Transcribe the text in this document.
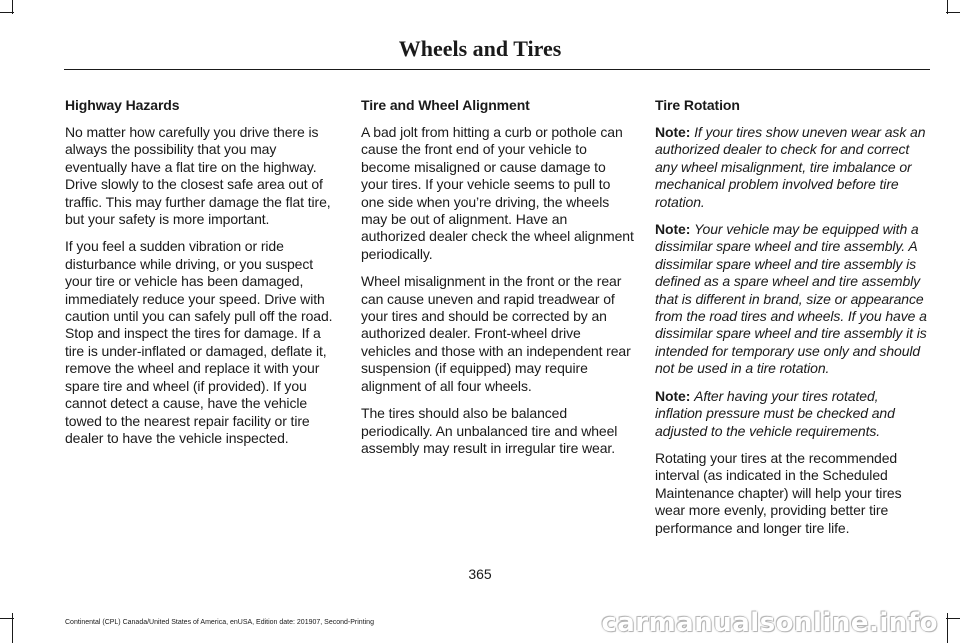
Wheels and Tires
Highway Hazards

No matter how carefully you drive there is always the possibility that you may eventually have a flat tire on the highway. Drive slowly to the closest safe area out of traffic. This may further damage the flat tire, but your safety is more important.

If you feel a sudden vibration or ride disturbance while driving, or you suspect your tire or vehicle has been damaged, immediately reduce your speed. Drive with caution until you can safely pull off the road. Stop and inspect the tires for damage. If a tire is under-inflated or damaged, deflate it, remove the wheel and replace it with your spare tire and wheel (if provided). If you cannot detect a cause, have the vehicle towed to the nearest repair facility or tire dealer to have the vehicle inspected.

Tire and Wheel Alignment

A bad jolt from hitting a curb or pothole can cause the front end of your vehicle to become misaligned or cause damage to your tires. If your vehicle seems to pull to one side when you’re driving, the wheels may be out of alignment. Have an authorized dealer check the wheel alignment periodically.

Wheel misalignment in the front or the rear can cause uneven and rapid treadwear of your tires and should be corrected by an authorized dealer. Front-wheel drive vehicles and those with an independent rear suspension (if equipped) may require alignment of all four wheels.

The tires should also be balanced periodically. An unbalanced tire and wheel assembly may result in irregular tire wear.

Tire Rotation

Note: If your tires show uneven wear ask an authorized dealer to check for and correct any wheel misalignment, tire imbalance or mechanical problem involved before tire rotation.

Note: Your vehicle may be equipped with a dissimilar spare wheel and tire assembly. A dissimilar spare wheel and tire assembly is defined as a spare wheel and tire assembly that is different in brand, size or appearance from the road tires and wheels. If you have a dissimilar spare wheel and tire assembly it is intended for temporary use only and should not be used in a tire rotation.

Note: After having your tires rotated, inflation pressure must be checked and adjusted to the vehicle requirements.

Rotating your tires at the recommended interval (as indicated in the Scheduled Maintenance chapter) will help your tires wear more evenly, providing better tire performance and longer tire life.

365

Continental (CPL) Canada/United States of America, enUSA, Edition date: 201907, Second-Printing	carmanualsonline.info
